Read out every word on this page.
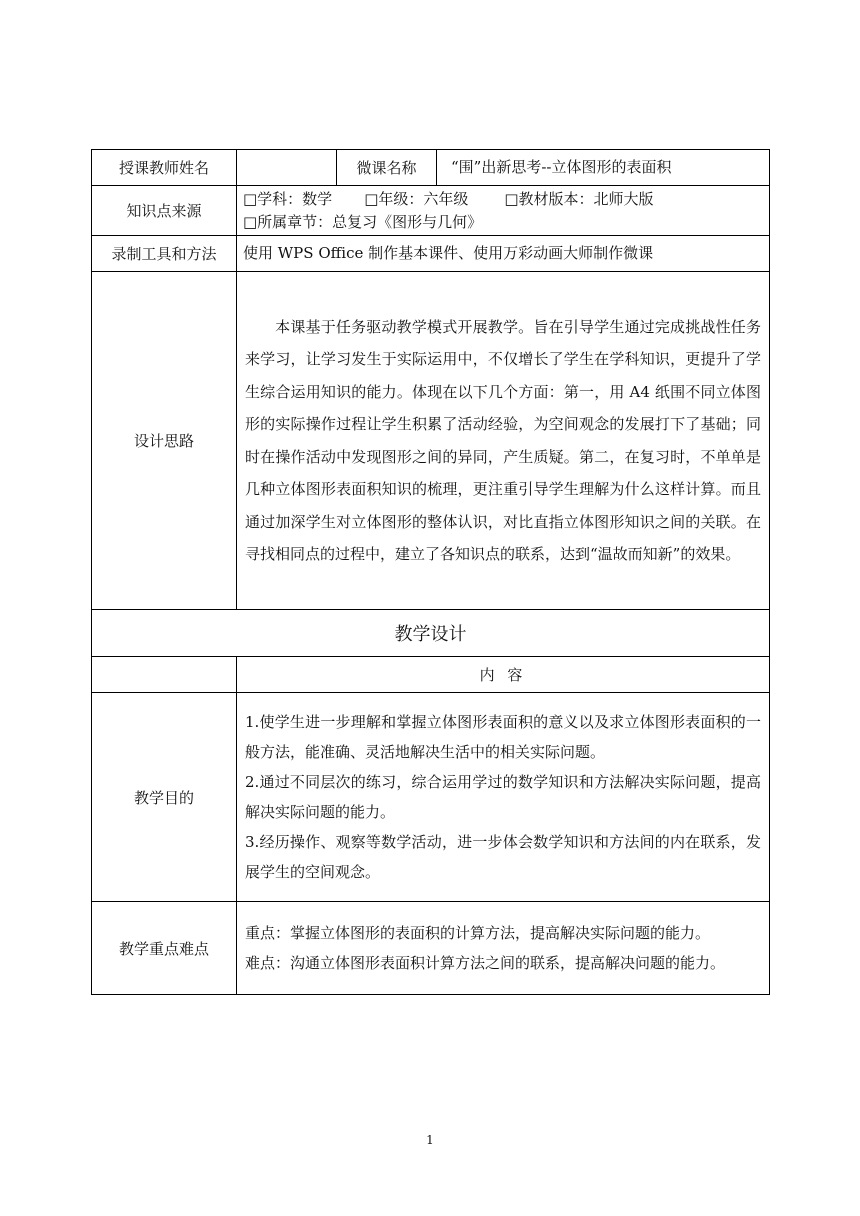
授课教师姓名		微课名称	“围”出新思考--立体图形的表面积
知识点来源	□学科：数学 □年级：六年级 □教材版本：北师大版
□所属章节：总复习《图形与几何》		

录制工具和方法	使用 WPS Office 制作基本课件、使用万彩动画大师制作微课		
设计思路	本课基于任务驱动教学模式开展教学。旨在引导学生通过完成挑战性任务来学习，让学习发生于实际运用中，不仅增长了学生在学科知识，更提升了学生综合运用知识的能力。体现在以下几个方面：第一，用 A4 纸围不同立体图形的实际操作过程让学生积累了活动经验，为空间观念的发展打下了基础；同时在操作活动中发现图形之间的异同，产生质疑。第二，在复习时，不单单是几种立体图形表面积知识的梳理，更注重引导学生理解为什么这样计算。而且通过加深学生对立体图形的整体认识，对比直指立体图形知识之间的关联。在寻找相同点的过程中，建立了各知识点的联系，达到“温故而知新”的效果。		
教学设计			
	内 容		
教学目的	1.使学生进一步理解和掌握立体图形表面积的意义以及求立体图形表面积的一般方法，能准确、灵活地解决生活中的相关实际问题。

2.通过不同层次的练习，综合运用学过的数学知识和方法解决实际问题，提高解决实际问题的能力。

3.经历操作、观察等数学活动，进一步体会数学知识和方法间的内在联系，发展学生的空间观念。		

教学重点难点	重点：掌握立体图形的表面积的计算方法，提高解决实际问题的能力。

难点：沟通立体图形表面积计算方法之间的联系，提高解决问题的能力。		

1
